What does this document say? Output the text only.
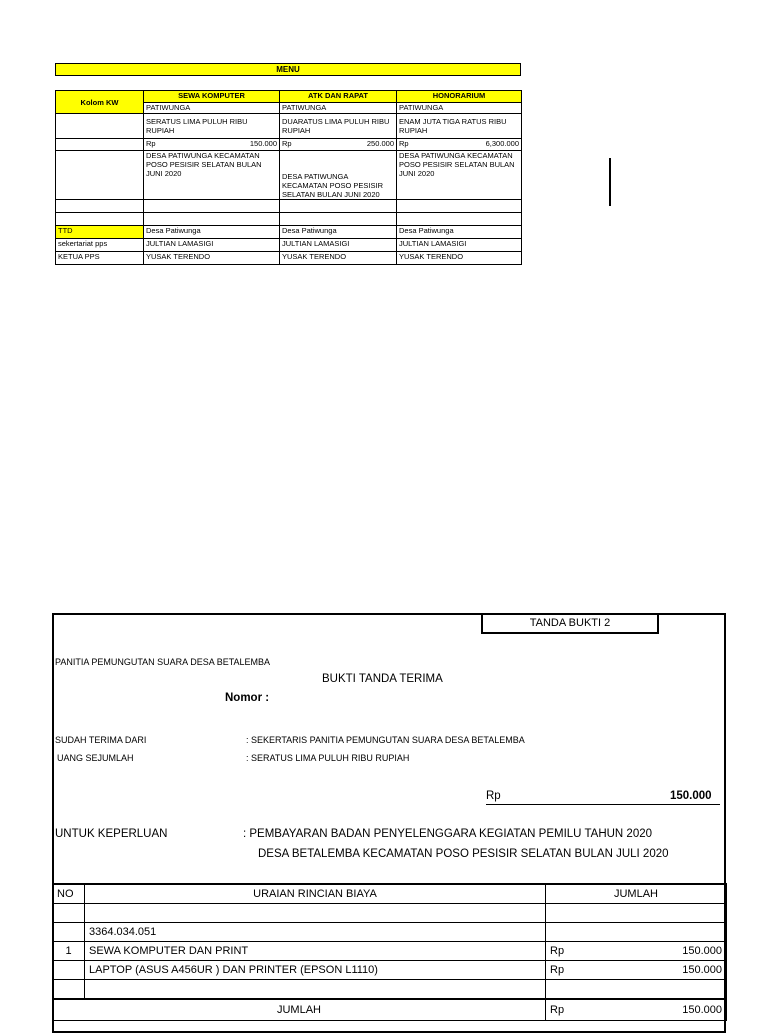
MENU
Kolom KW	SEWA KOMPUTER	ATK DAN RAPAT	HONORARIUM
	PATIWUNGA	PATIWUNGA	PATIWUNGA
	SERATUS LIMA PULUH RIBU RUPIAH	DUARATUS LIMA PULUH RIBU RUPIAH	ENAM JUTA TIGA RATUS RIBU RUPIAH

	Rp 150.000	Rp 250.000	Rp 6,300.000

	DESA PATIWUNGA KECAMATAN POSO PESISIR SELATAN BULAN JUNI 2020	DESA PATIWUNGA KECAMATAN POSO PESISIR SELATAN BULAN JUNI 2020	DESA PATIWUNGA KECAMATAN POSO PESISIR SELATAN BULAN JUNI 2020

TTD	Desa Patiwunga	Desa Patiwunga	Desa Patiwunga
sekertariat pps	JULTIAN LAMASIGI	JULTIAN LAMASIGI	JULTIAN LAMASIGI
KETUA PPS	YUSAK TERENDO	YUSAK TERENDO	YUSAK TERENDO
TANDA BUKTI 2
PANITIA PEMUNGUTAN SUARA DESA BETALEMBA
BUKTI TANDA TERIMA
Nomor :
SUDAH TERIMA DARI	: SEKERTARIS PANITIA PEMUNGUTAN SUARA DESA BETALEMBA
UANG SEJUMLAH	: SERATUS LIMA PULUH RIBU RUPIAH
Rp	150.000
UNTUK KEPERLUAN	: PEMBAYARAN BADAN PENYELENGGARA KEGIATAN PEMILU TAHUN 2020
DESA BETALEMBA KECAMATAN POSO PESISIR SELATAN BULAN JULI 2020
NO	URAIAN RINCIAN BIAYA	JUMLAH

	3364.034.051	
1	SEWA KOMPUTER DAN PRINT	Rp 150.000

	LAPTOP (ASUS A456UR ) DAN PRINTER (EPSON L1110)	Rp 150.000

JUMLAH		Rp 150.000
